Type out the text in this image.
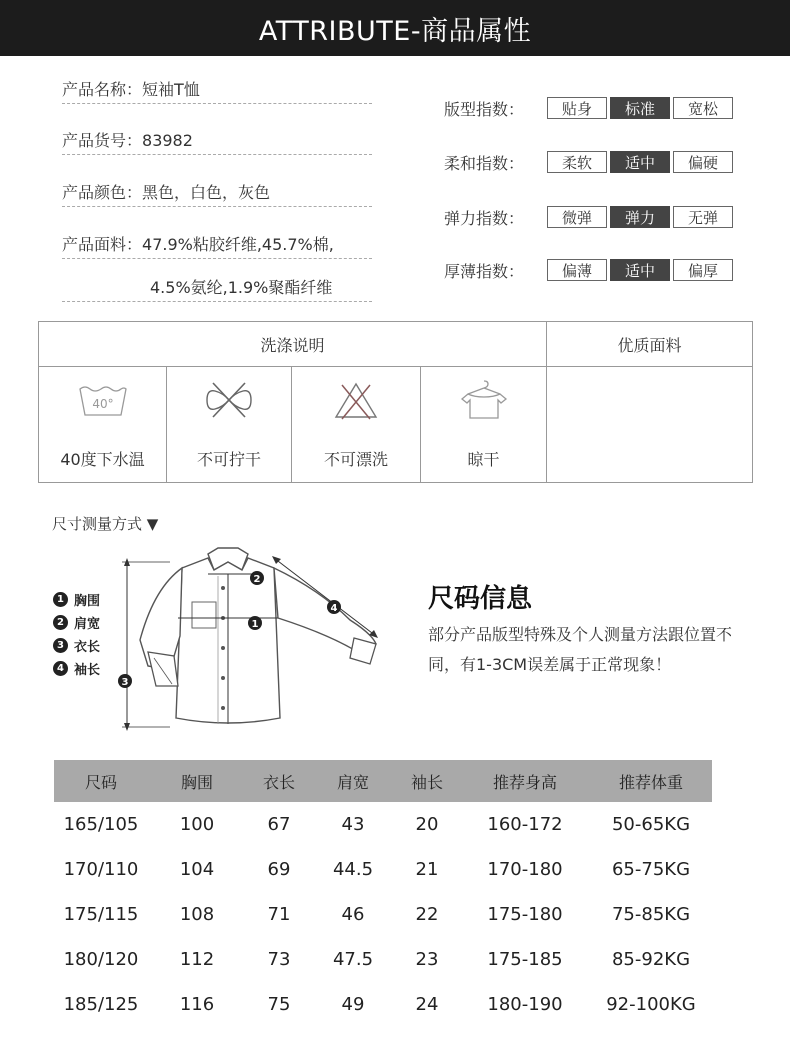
ATTRIBUTE-商品属性
产品名称：短袖T恤
产品货号：83982
产品颜色：黑色，白色，灰色
产品面料：47.9%粘胶纤维,45.7%棉,
4.5%氨纶,1.9%聚酯纤维
版型指数：	贴身	标准	宽松
柔和指数：	柔软	适中	偏硬
弹力指数：	微弹	弹力	无弹
厚薄指数：	偏薄	适中	偏厚
洗涤说明	优质面料
40°
40度下水温	不可拧干	不可漂洗	晾干
尺寸测量方式 ▼
1 胸围
2 肩宽
3 衣长
4 袖长
2
1
3
4	尺码信息
部分产品版型特殊及个人测量方法跟位置不同，有1-3CM误差属于正常现象！
尺码	胸围	衣长	肩宽	袖长	推荐身高	推荐体重
165/105	100	67	43	20	160-172	50-65KG
170/110	104	69	44.5	21	170-180	65-75KG
175/115	108	71	46	22	175-180	75-85KG
180/120	112	73	47.5	23	175-185	85-92KG
185/125	116	75	49	24	180-190	92-100KG
